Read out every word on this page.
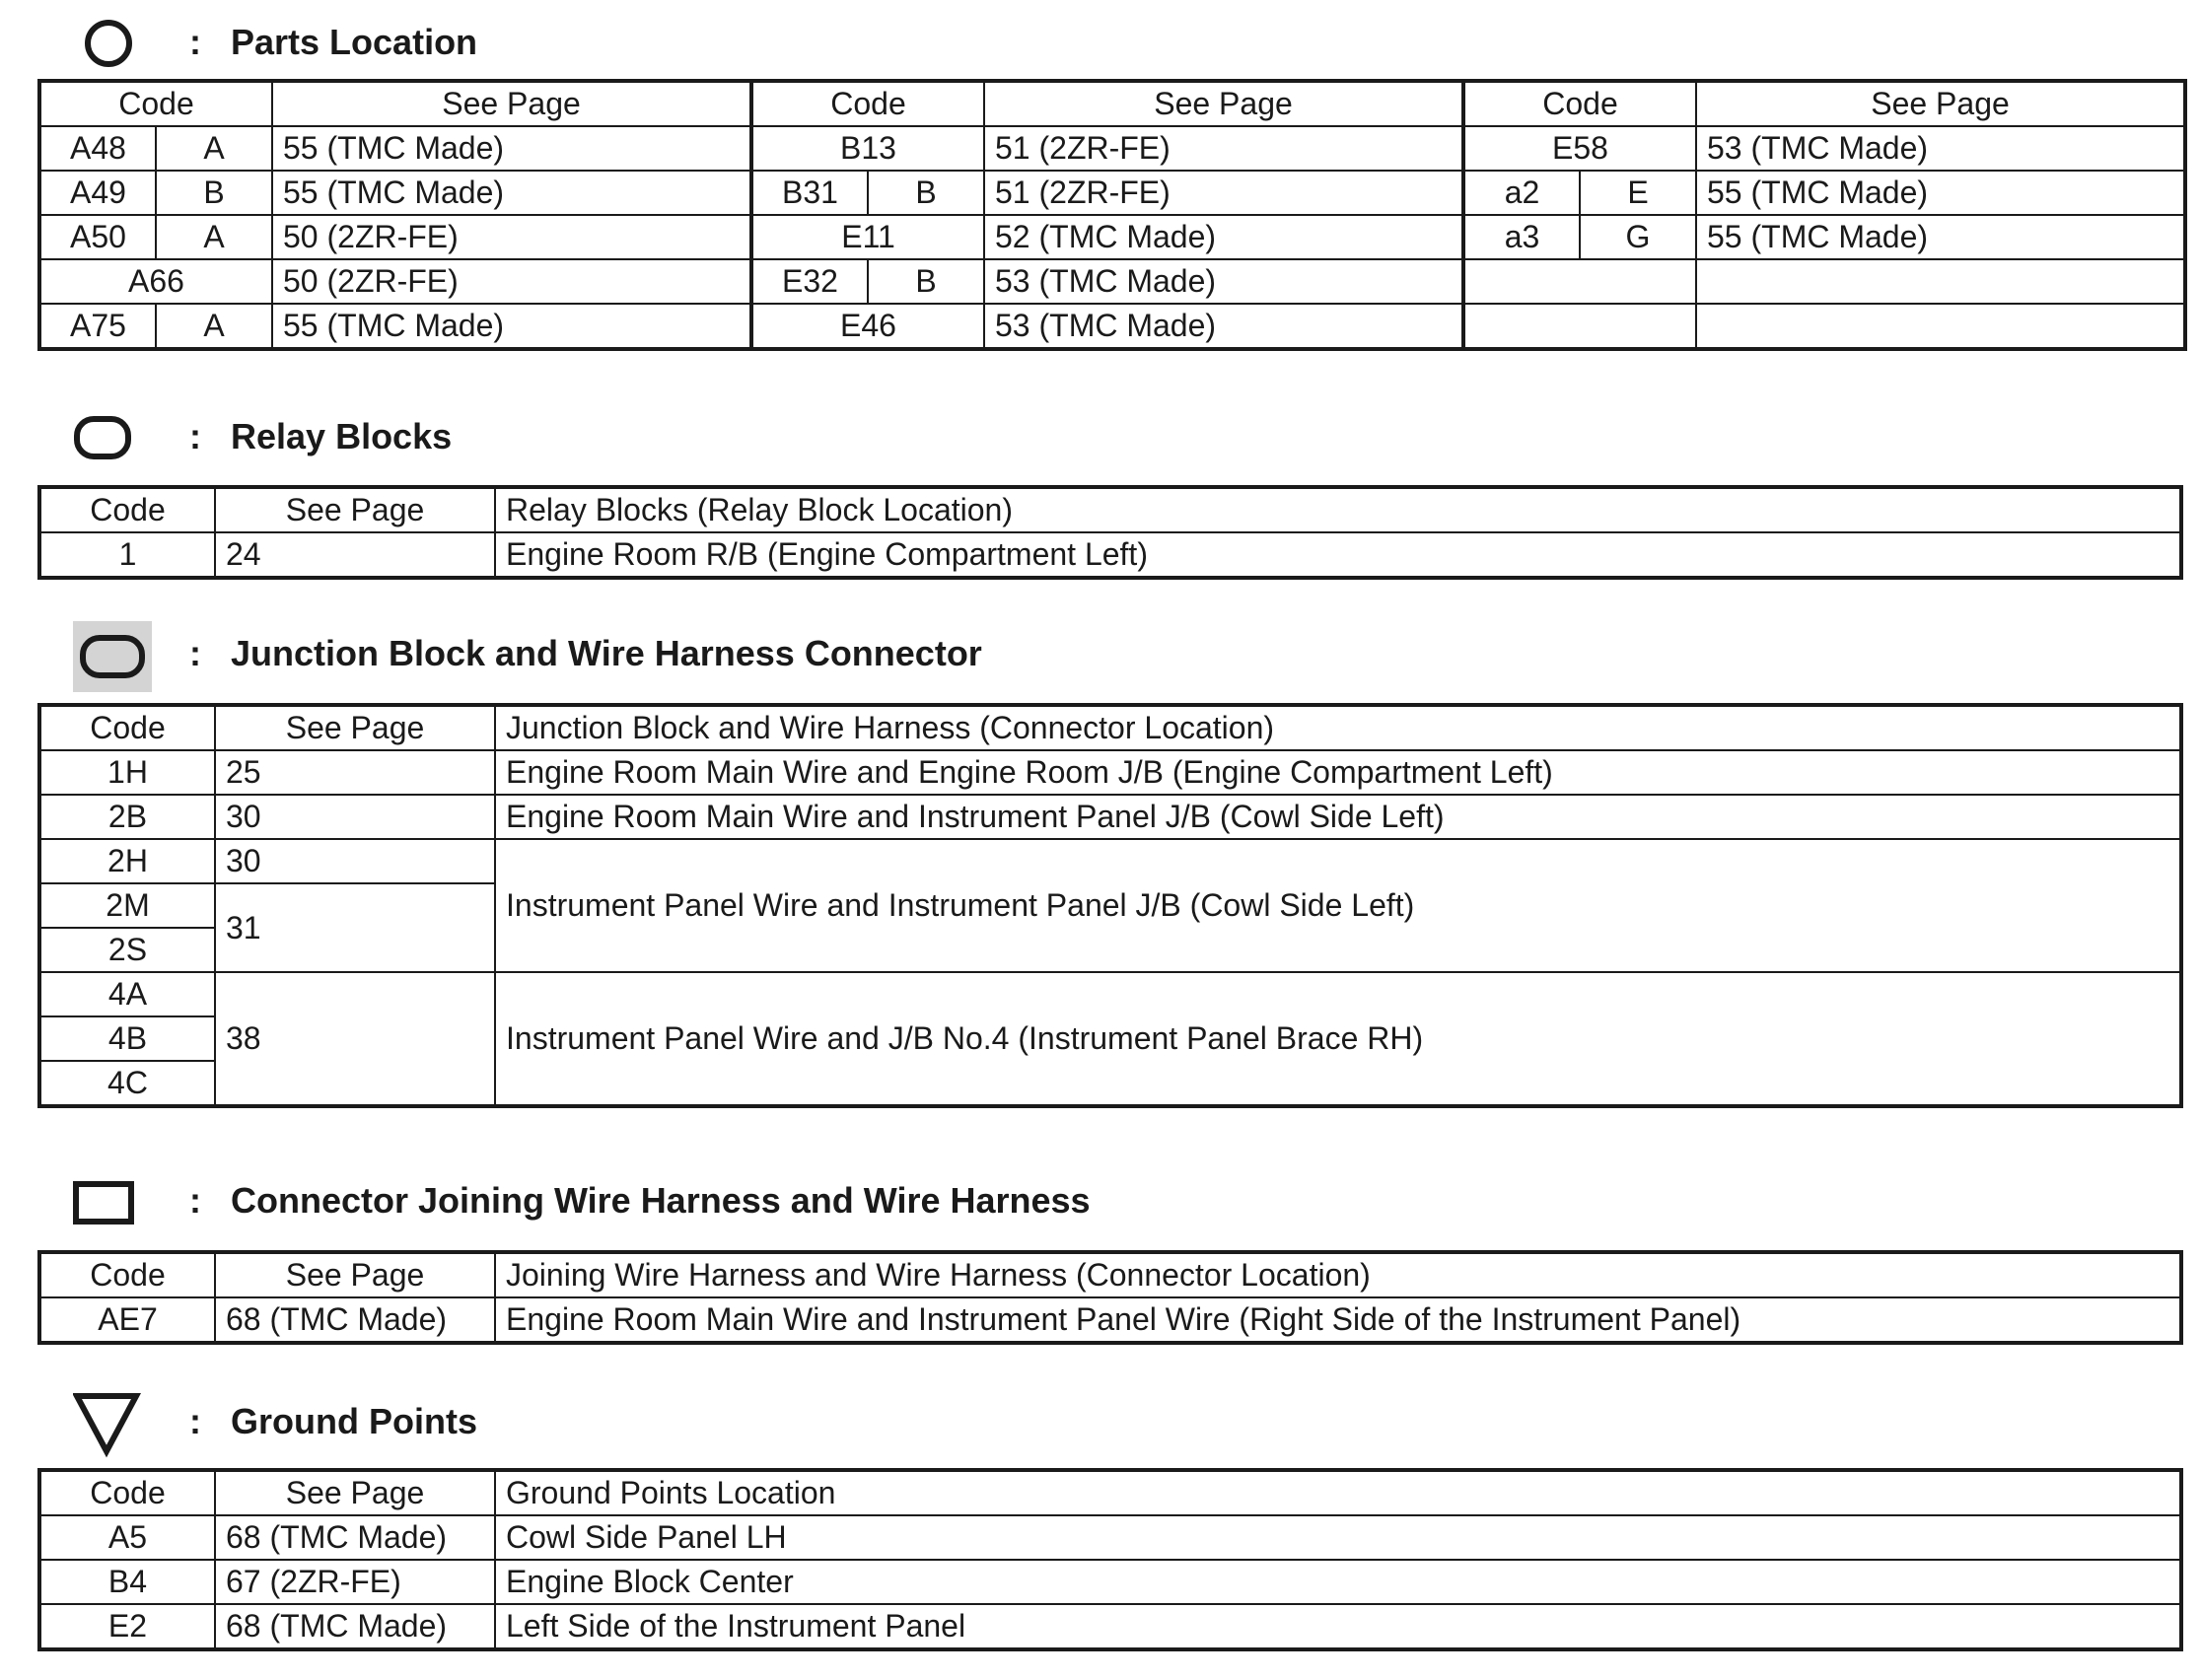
: Parts Location
Code		See Page	Code		See Page	Code		See Page
A48	A	55 (TMC Made)	B13		51 (2ZR-FE)	E58		53 (TMC Made)
A49	B	55 (TMC Made)	B31	B	51 (2ZR-FE)	a2	E	55 (TMC Made)
A50	A	50 (2ZR-FE)	E11		52 (TMC Made)	a3	G	55 (TMC Made)
A66		50 (2ZR-FE)	E32	B	53 (TMC Made)			
A75	A	55 (TMC Made)	E46		53 (TMC Made)			
: Relay Blocks
Code	See Page	Relay Blocks (Relay Block Location)
1	24	Engine Room R/B (Engine Compartment Left)
: Junction Block and Wire Harness Connector
Code	See Page	Junction Block and Wire Harness (Connector Location)
1H	25	Engine Room Main Wire and Engine Room J/B (Engine Compartment Left)
2B	30	Engine Room Main Wire and Instrument Panel J/B (Cowl Side Left)
2H	30	Instrument Panel Wire and Instrument Panel J/B (Cowl Side Left)
2M	31	
2S		
4A	38	Instrument Panel Wire and J/B No.4 (Instrument Panel Brace RH)
4B		
4C		
: Connector Joining Wire Harness and Wire Harness
Code	See Page	Joining Wire Harness and Wire Harness (Connector Location)
AE7	68 (TMC Made)	Engine Room Main Wire and Instrument Panel Wire (Right Side of the Instrument Panel)
: Ground Points
Code	See Page	Ground Points Location
A5	68 (TMC Made)	Cowl Side Panel LH
B4	67 (2ZR-FE)	Engine Block Center
E2	68 (TMC Made)	Left Side of the Instrument Panel
